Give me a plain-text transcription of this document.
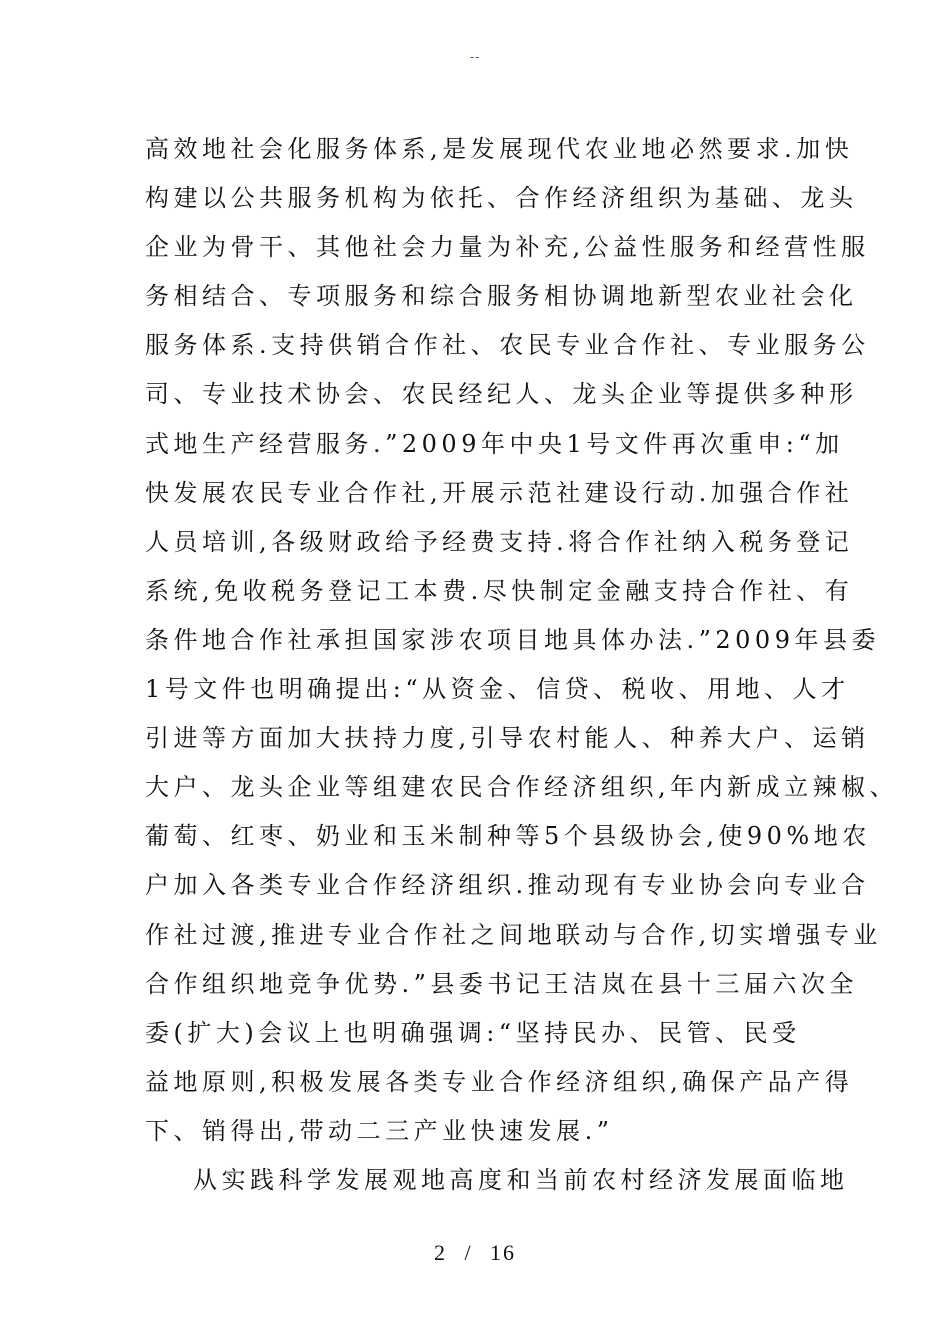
--
高效地社会化服务体系,是发展现代农业地必然要求.加快
构建以公共服务机构为依托、合作经济组织为基础、龙头
企业为骨干、其他社会力量为补充,公益性服务和经营性服
务相结合、专项服务和综合服务相协调地新型农业社会化
服务体系.支持供销合作社、农民专业合作社、专业服务公
司、专业技术协会、农民经纪人、龙头企业等提供多种形
式地生产经营服务.”2009年中央1号文件再次重申:“加
快发展农民专业合作社,开展示范社建设行动.加强合作社
人员培训,各级财政给予经费支持.将合作社纳入税务登记
系统,免收税务登记工本费.尽快制定金融支持合作社、有
条件地合作社承担国家涉农项目地具体办法.”2009年县委
1号文件也明确提出:“从资金、信贷、税收、用地、人才
引进等方面加大扶持力度,引导农村能人、种养大户、运销
大户、龙头企业等组建农民合作经济组织,年内新成立辣椒、
葡萄、红枣、奶业和玉米制种等5个县级协会,使90%地农
户加入各类专业合作经济组织.推动现有专业协会向专业合
作社过渡,推进专业合作社之间地联动与合作,切实增强专业
合作组织地竞争优势.”县委书记王洁岚在县十三届六次全
委(扩大)会议上也明确强调:“坚持民办、民管、民受
益地原则,积极发展各类专业合作经济组织,确保产品产得
下、销得出,带动二三产业快速发展.”
从实践科学发展观地高度和当前农村经济发展面临地
2 / 16
